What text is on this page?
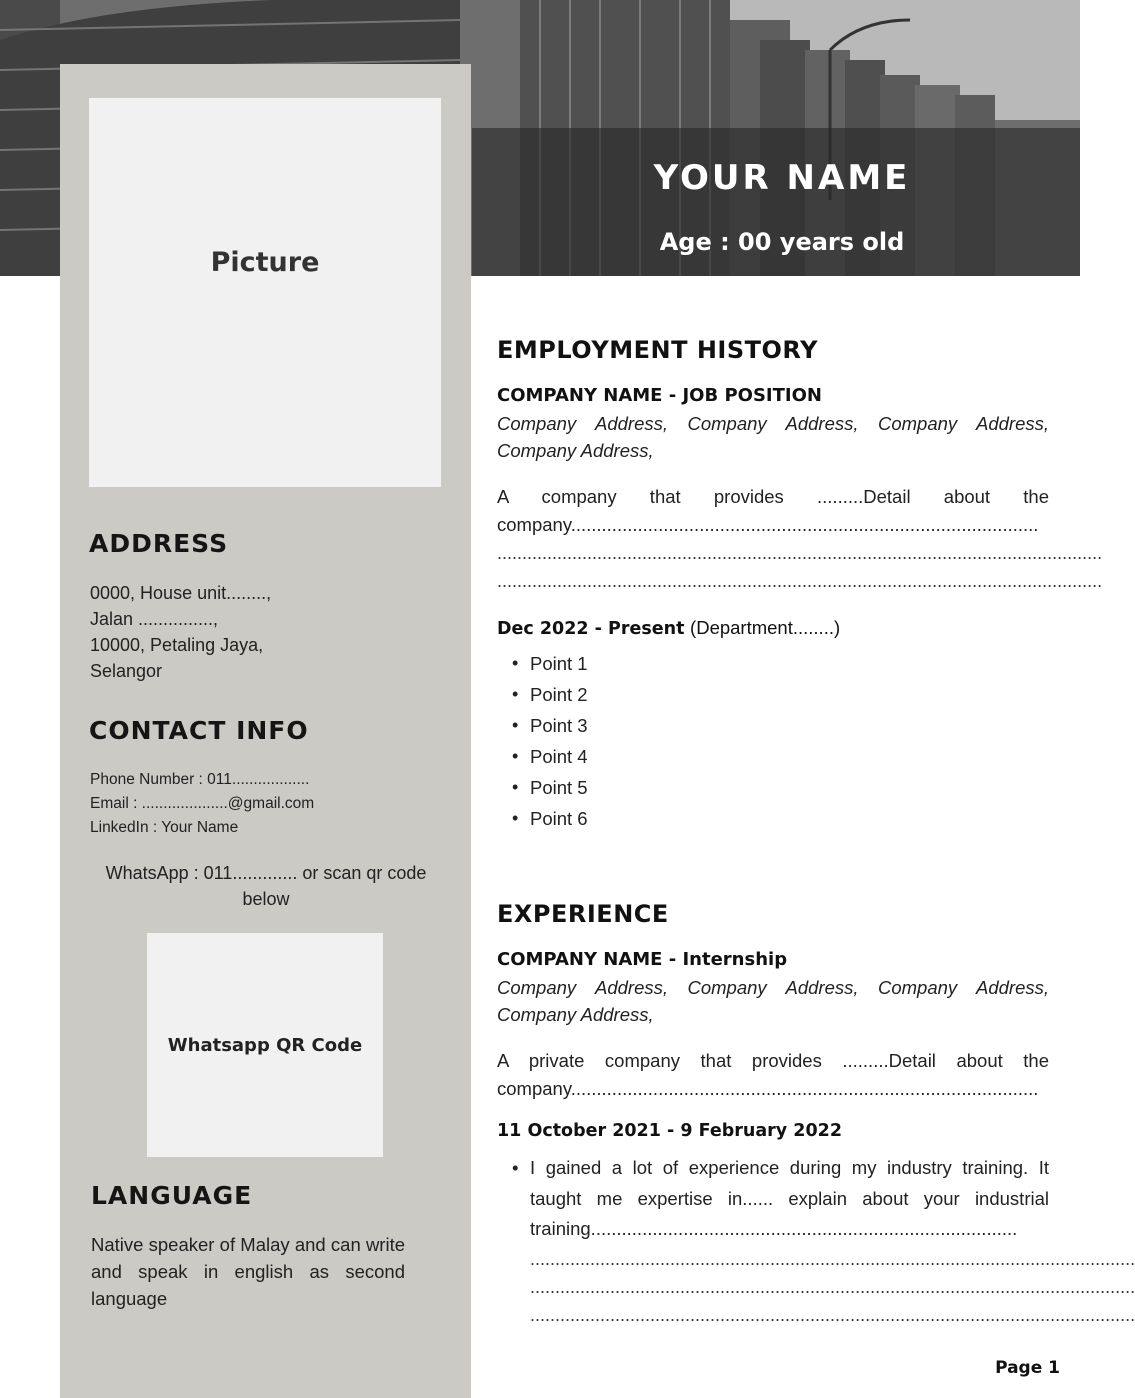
YOUR NAME
Age : 00 years old
Picture
ADDRESS
0000, House unit........,
Jalan ...............,
10000, Petaling Jaya,
Selangor
CONTACT INFO
Phone Number : 011..................
Email : ....................@gmail.com
LinkedIn : Your Name
WhatsApp : 011............. or scan qr code below
Whatsapp QR Code
LANGUAGE
Native speaker of Malay and can write and speak in english as second language
EMPLOYMENT HISTORY
COMPANY NAME - JOB POSITION
Company Address, Company Address, Company Address, Company Address,
A company that provides .........Detail about the company...........................................................................................
.........................................................................................................................
.........................................................................................................................
Dec 2022 - Present (Department........)
• Point 1
• Point 2
• Point 3
• Point 4
• Point 5
• Point 6
EXPERIENCE
COMPANY NAME - Internship
Company Address, Company Address, Company Address, Company Address,
A private company that provides .........Detail about the company...........................................................................................
11 October 2021 - 9 February 2022
• I gained a lot of experience during my industry training. It taught me expertise in...... explain about your industrial training...................................................................................
.........................................................................................................................
.........................................................................................................................
.........................................................................................................................
Page 1
